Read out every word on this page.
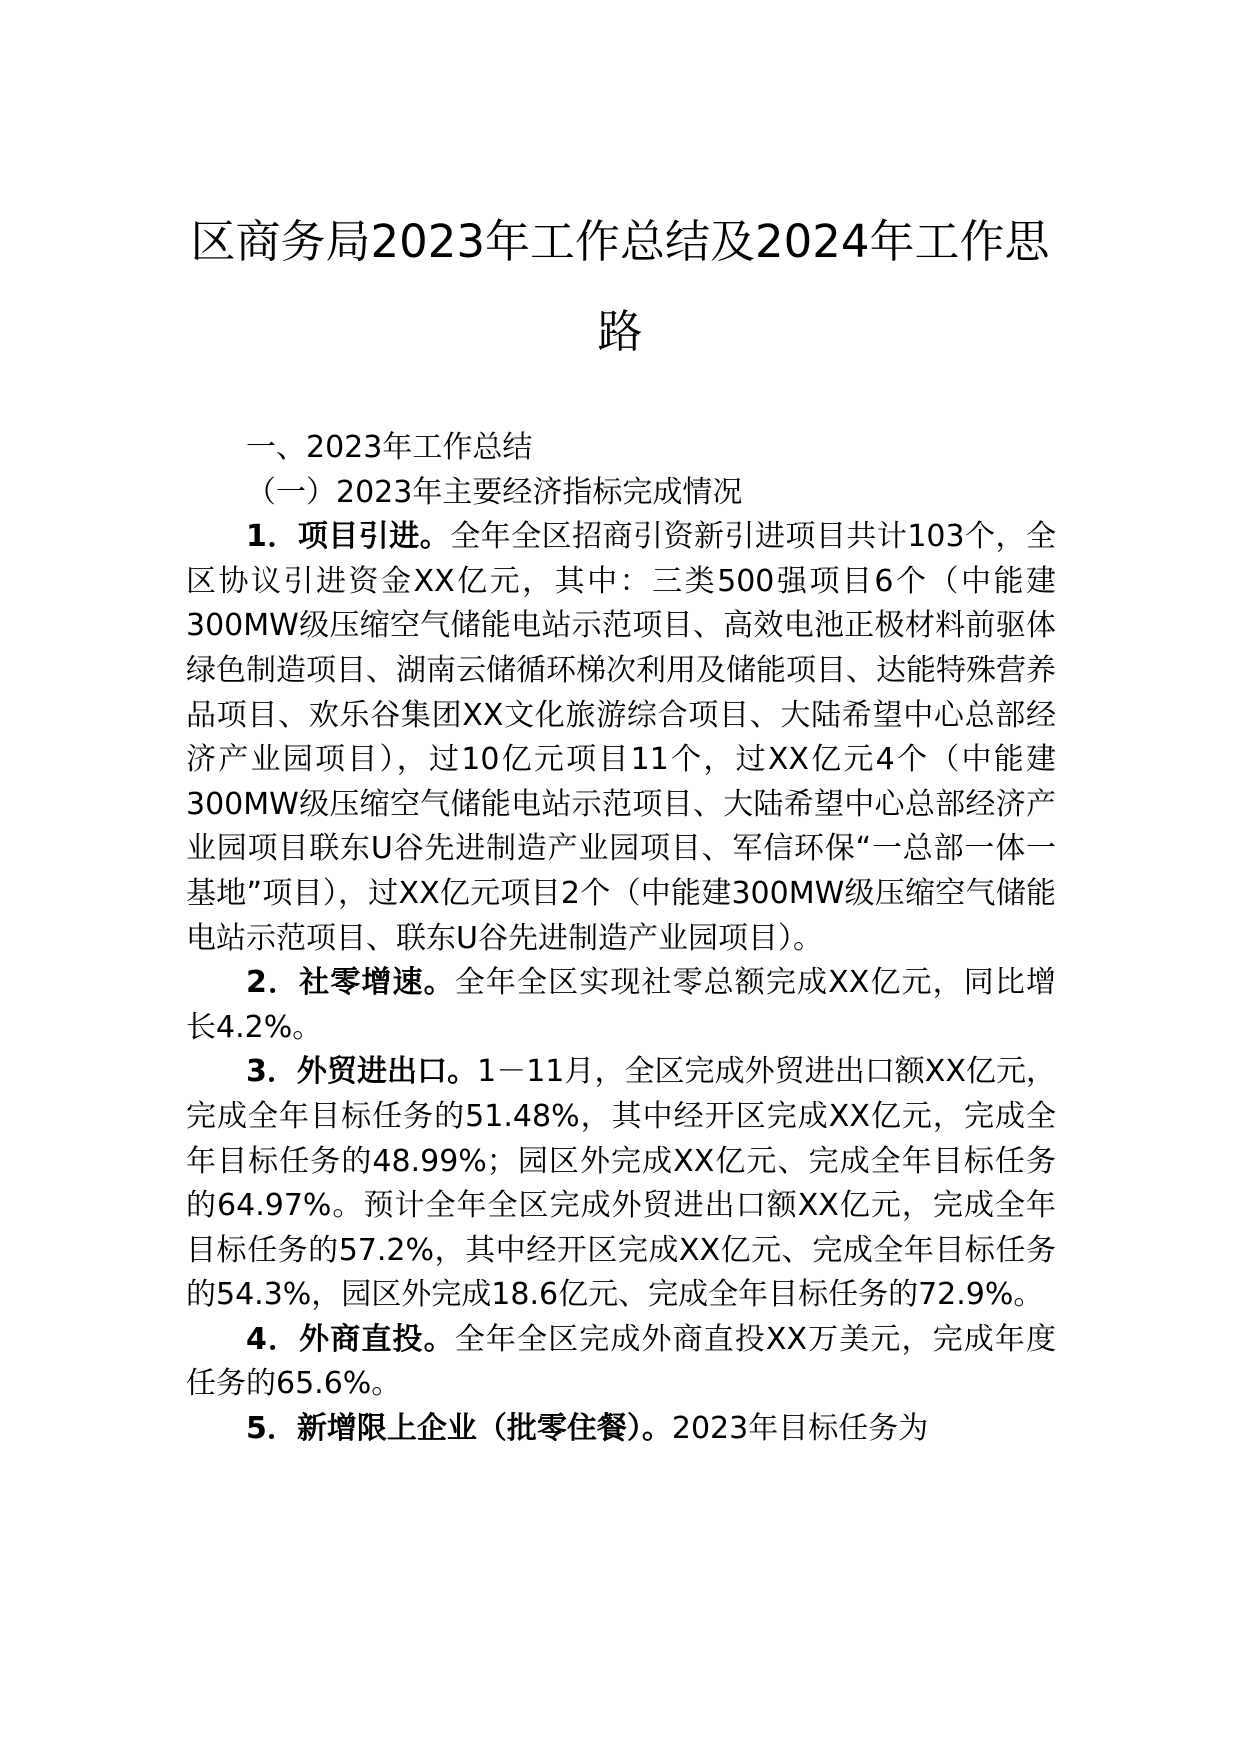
区商务局2023年工作总结及2024年工作思
路

一、2023年工作总结

（一）2023年主要经济指标完成情况

1．项目引进。全年全区招商引资新引进项目共计103个，全区协议引进资金XX亿元，其中：三类500强项目6个（中能建300MW级压缩空气储能电站示范项目、高效电池正极材料前驱体绿色制造项目、湖南云储循环梯次利用及储能项目、达能特殊营养品项目、欢乐谷集团XX文化旅游综合项目、大陆希望中心总部经济产业园项目），过10亿元项目11个，过XX亿元4个（中能建300MW级压缩空气储能电站示范项目、大陆希望中心总部经济产业园项目联东U谷先进制造产业园项目、军信环保“一总部一体一基地”项目），过XX亿元项目2个（中能建300MW级压缩空气储能电站示范项目、联东U谷先进制造产业园项目）。

2．社零增速。全年全区实现社零总额完成XX亿元，同比增长4.2%。

3．外贸进出口。1－11月，全区完成外贸进出口额XX亿元，完成全年目标任务的51.48%，其中经开区完成XX亿元，完成全年目标任务的48.99%；园区外完成XX亿元、完成全年目标任务的64.97%。预计全年全区完成外贸进出口额XX亿元，完成全年目标任务的57.2%，其中经开区完成XX亿元、完成全年目标任务的54.3%，园区外完成18.6亿元、完成全年目标任务的72.9%。

4．外商直投。全年全区完成外商直投XX万美元，完成年度任务的65.6%。

5．新增限上企业（批零住餐）。2023年目标任务为
